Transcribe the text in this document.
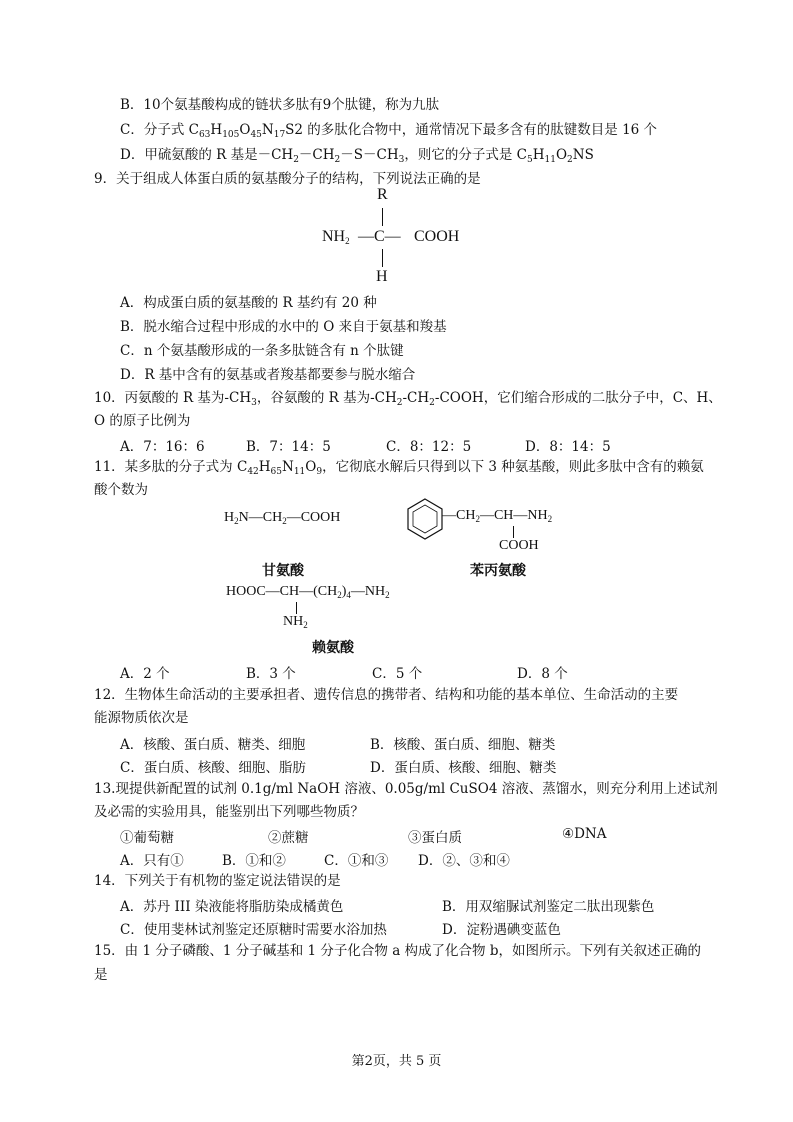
B．10个氨基酸构成的链状多肽有9个肽键，称为九肽
C．分子式 $C_{63}H_{105}O_{45}N_{17}S2$ 的多肽化合物中，通常情况下最多含有的肽键数目是 16 个
D．甲硫氨酸的 R 基是$-CH_2-CH_2-S-CH_3$，则它的分子式是 $C_5H_{11}O_2NS$
9．关于组成人体蛋白质的氨基酸分子的结构，下列说法正确的是
R
$NH_2$ —C— COOH
H
A．构成蛋白质的氨基酸的 R 基约有 20 种
B．脱水缩合过程中形成的水中的 O 来自于氨基和羧基
C．n 个氨基酸形成的一条多肽链含有 n 个肽键
D．R 基中含有的氨基或者羧基都要参与脱水缩合
10．丙氨酸的 R 基为$-CH_3$，谷氨酸的 R 基为$-CH_2-CH_2$-COOH，它们缩合形成的二肽分子中，C、H、
O 的原子比例为
A．7：16：6	B．7：14：5	C．8：12：5	D．8：14：5
11．某多肽的分子式为 $C_{42}H_{65}N_{11}O_9$，它彻底水解后只得到以下 3 种氨基酸，则此多肽中含有的赖氨
酸个数为
$H_2N—CH_2—COOH$
甘氨酸
$—CH_2—CH—NH_2$
COOH
苯丙氨酸
$HOOC—CH—(CH_2)_4—NH_2$
$NH_2$
赖氨酸
A．2 个	B．3 个	C．5 个	D．8 个
12．生物体生命活动的主要承担者、遗传信息的携带者、结构和功能的基本单位、生命活动的主要
能源物质依次是
A．核酸、蛋白质、糖类、细胞	B．核酸、蛋白质、细胞、糖类
C．蛋白质、核酸、细胞、脂肪	D．蛋白质、核酸、细胞、糖类
13.现提供新配置的试剂 0.1g/ml NaOH 溶液、0.05g/ml CuSO4 溶液、蒸馏水，则充分利用上述试剂
及必需的实验用具，能鉴别出下列哪些物质？
①葡萄糖	②蔗糖	③蛋白质	④DNA
A．只有①	B．①和②	C．①和③ D．②、③和④
14．下列关于有机物的鉴定说法错误的是
A．苏丹 III 染液能将脂肪染成橘黄色	B．用双缩脲试剂鉴定二肽出现紫色
C．使用斐林试剂鉴定还原糖时需要水浴加热	D．淀粉遇碘变蓝色
15．由 1 分子磷酸、1 分子碱基和 1 分子化合物 a 构成了化合物 b，如图所示。下列有关叙述正确的
是
第2页，共 5 页
